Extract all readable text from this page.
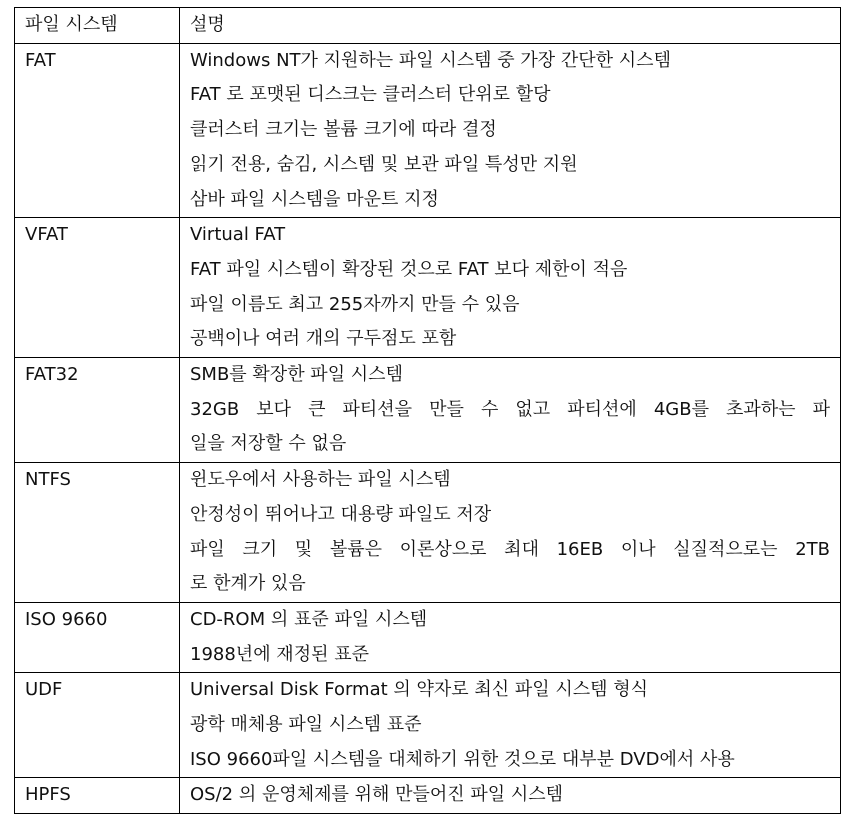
파일 시스템	설명
FAT	Windows NT가 지원하는 파일 시스템 중 가장 간단한 시스템
FAT 로 포맷된 디스크는 클러스터 단위로 할당
클러스터 크기는 볼륨 크기에 따라 결정
읽기 전용, 숨김, 시스템 및 보관 파일 특성만 지원
삼바 파일 시스템을 마운트 지정

VFAT	Virtual FAT
FAT 파일 시스템이 확장된 것으로 FAT 보다 제한이 적음
파일 이름도 최고 255자까지 만들 수 있음
공백이나 여러 개의 구두점도 포함

FAT32	SMB를 확장한 파일 시스템
32GB 보다 큰 파티션을 만들 수 없고 파티션에 4GB를 초과하는 파
일을 저장할 수 없음

NTFS	윈도우에서 사용하는 파일 시스템
안정성이 뛰어나고 대용량 파일도 저장
파일 크기 및 볼륨은 이론상으로 최대 16EB 이나 실질적으로는 2TB
로 한계가 있음

ISO 9660	CD-ROM 의 표준 파일 시스템
1988년에 재정된 표준

UDF	Universal Disk Format 의 약자로 최신 파일 시스템 형식
광학 매체용 파일 시스템 표준
ISO 9660파일 시스템을 대체하기 위한 것으로 대부분 DVD에서 사용

HPFS	OS/2 의 운영체제를 위해 만들어진 파일 시스템
